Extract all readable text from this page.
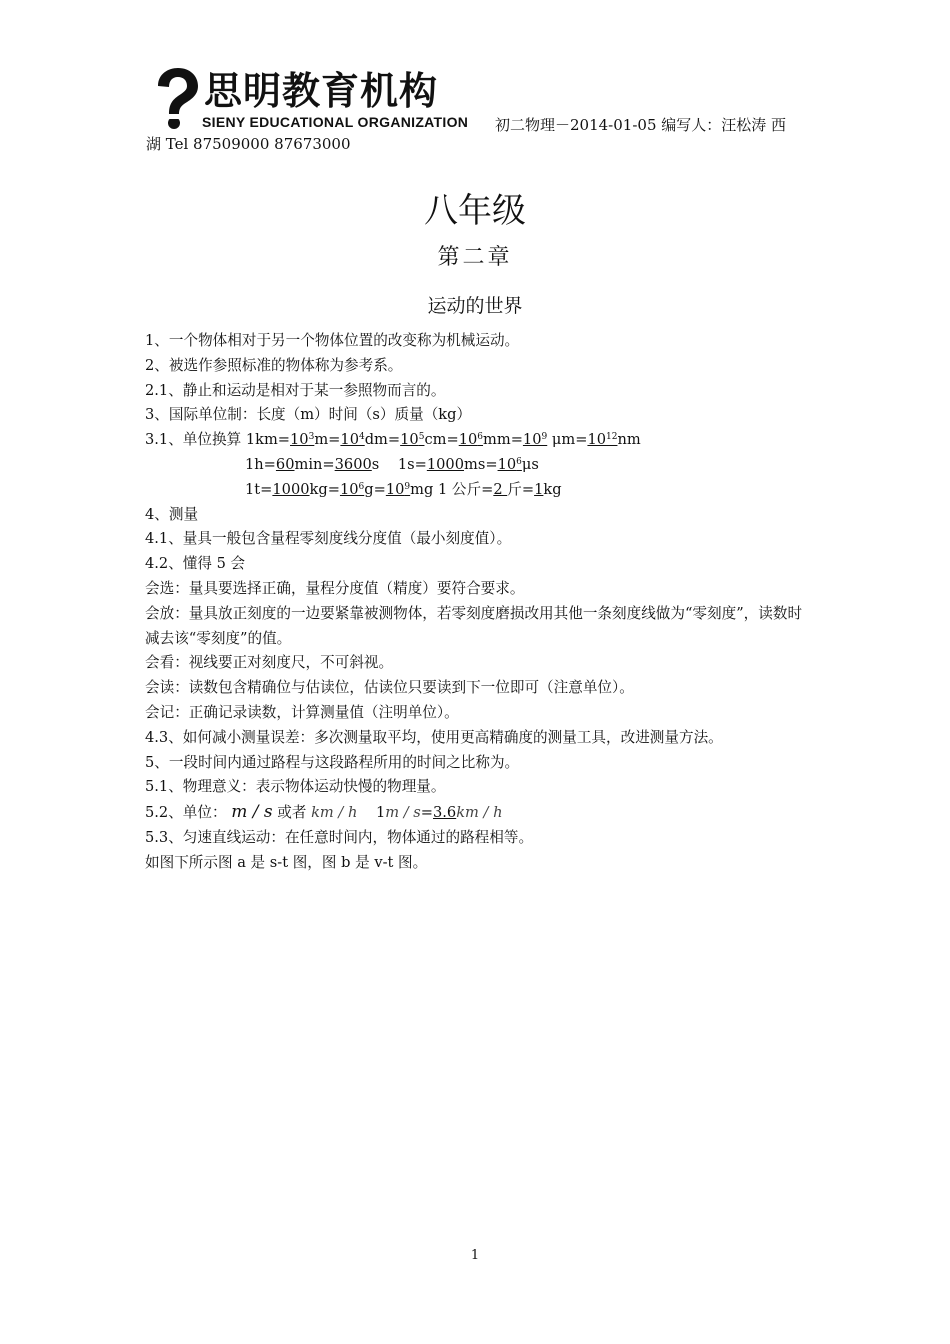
思明教育机构
SIENY EDUCATIONAL ORGANIZATION 初二物理－2014-01-05 编写人：汪松涛 西
湖 Tel 87509000 87673000
八年级
第二章
运动的世界
1、一个物体相对于另一个物体位置的改变称为机械运动。
2、被选作参照标准的物体称为参考系。
2.1、静止和运动是相对于某一参照物而言的。
3、国际单位制：长度（m）时间（s）质量（kg）
3.1、单位换算 $1km=10^3m=10^4dm=10^5cm=10^6mm=10^9$ $\mu m=10^{12}nm$
1h=60min=3600s $1s=1000ms=10^6\mu s$
$1t=1000kg=10^6g=10^9mg$ 1 公斤=2 斤=1kg
4、测量
4.1、量具一般包含量程零刻度线分度值（最小刻度值）。
4.2、懂得 5 会
会选：量具要选择正确，量程分度值（精度）要符合要求。
会放：量具放正刻度的一边要紧靠被测物体，若零刻度磨损改用其他一条刻度线做为“零刻度”，读数时减去该“零刻度”的值。
会看：视线要正对刻度尺，不可斜视。
会读：读数包含精确位与估读位，估读位只要读到下一位即可（注意单位）。
会记：正确记录读数，计算测量值（注明单位）。
4.3、如何减小测量误差：多次测量取平均，使用更高精确度的测量工具，改进测量方法。
5、一段时间内通过路程与这段路程所用的时间之比称为。
5.1、物理意义：表示物体运动快慢的物理量。
5.2、单位： m / s 或者 km / h 1m / s=3.6km / h
5.3、匀速直线运动：在任意时间内，物体通过的路程相等。
如图下所示图 a 是 s-t 图，图 b 是 v-t 图。
1
